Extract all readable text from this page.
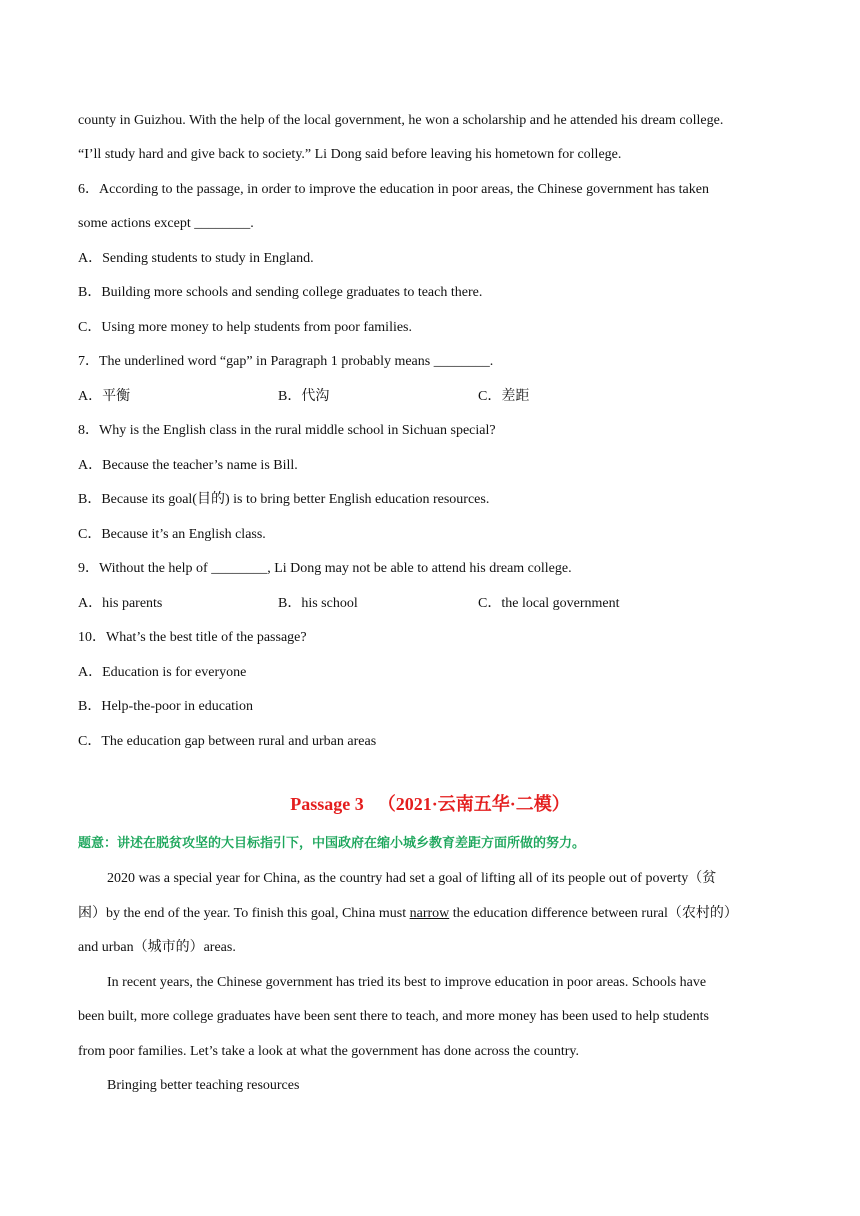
county in Guizhou. With the help of the local government, he won a scholarship and he attended his dream college.
“I’ll study hard and give back to society.” Li Dong said before leaving his hometown for college.
6．According to the passage, in order to improve the education in poor areas, the Chinese government has taken
some actions except ________.
A．Sending students to study in England.
B．Building more schools and sending college graduates to teach there.
C．Using more money to help students from poor families.
7．The underlined word “gap” in Paragraph 1 probably means ________.
A．平衡	B．代沟	C．差距
8．Why is the English class in the rural middle school in Sichuan special?
A．Because the teacher’s name is Bill.
B．Because its goal(目的) is to bring better English education resources.
C．Because it’s an English class.
9．Without the help of ________, Li Dong may not be able to attend his dream college.
A．his parents	B．his school	C．the local government
10．What’s the best title of the passage?
A．Education is for everyone
B．Help-the-poor in education
C．The education gap between rural and urban areas
Passage 3 （2021·云南五华·二模）
题意：讲述在脱贫攻坚的大目标指引下，中国政府在缩小城乡教育差距方面所做的努力。
2020 was a special year for China, as the country had set a goal of lifting all of its people out of poverty（贫
困）by the end of the year. To finish this goal, China must narrow the education difference between rural（农村的）
and urban（城市的）areas.
In recent years, the Chinese government has tried its best to improve education in poor areas. Schools have
been built, more college graduates have been sent there to teach, and more money has been used to help students
from poor families. Let’s take a look at what the government has done across the country.
Bringing better teaching resources
